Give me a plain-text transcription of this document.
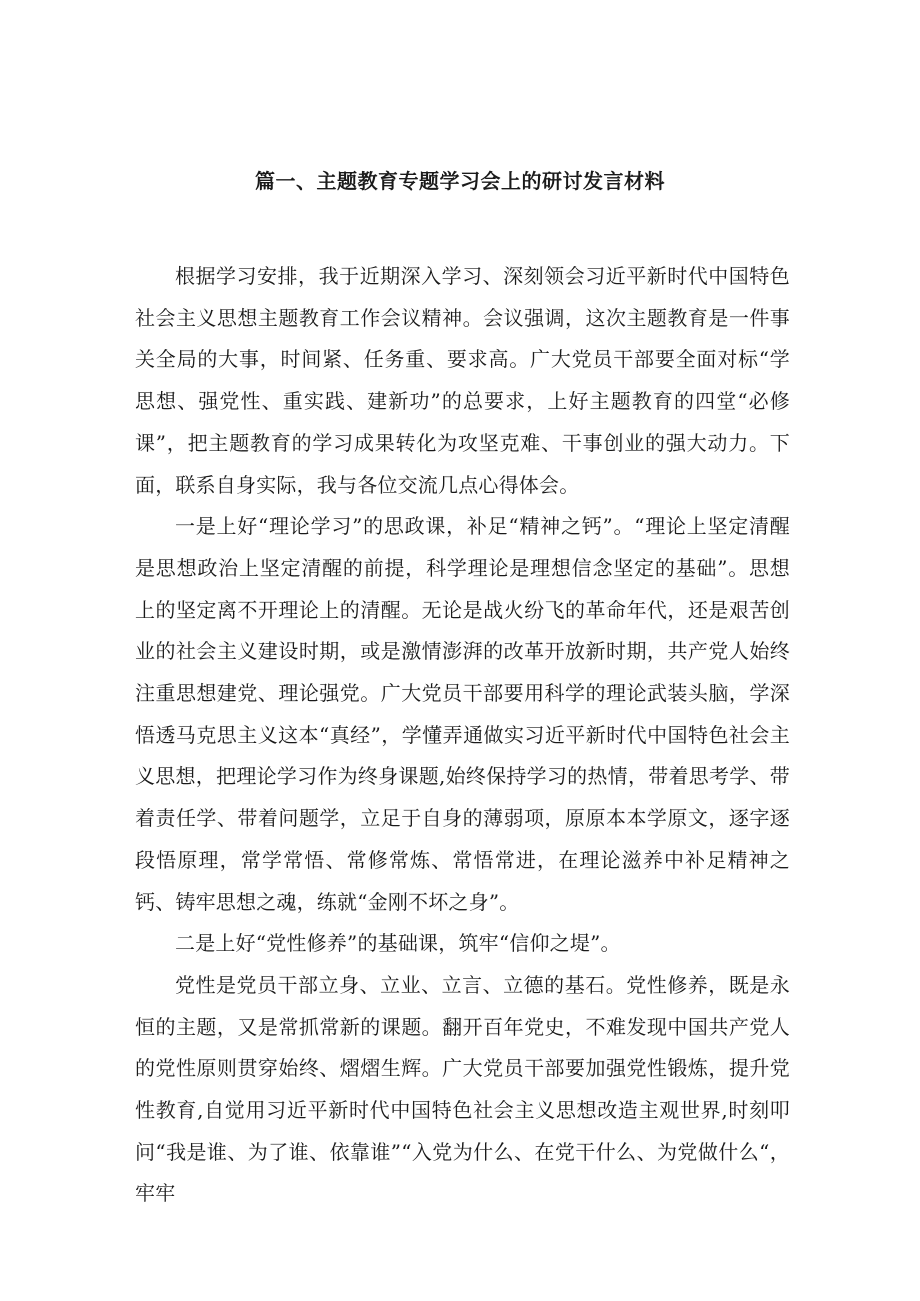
篇一、主题教育专题学习会上的研讨发言材料

根据学习安排，我于近期深入学习、深刻领会习近平新时代中国特色社会主义思想主题教育工作会议精神。会议强调，这次主题教育是一件事关全局的大事，时间紧、任务重、要求高。广大党员干部要全面对标“学思想、强党性、重实践、建新功”的总要求，上好主题教育的四堂“必修课”，把主题教育的学习成果转化为攻坚克难、干事创业的强大动力。下面，联系自身实际，我与各位交流几点心得体会。

一是上好“理论学习”的思政课，补足“精神之钙”。“理论上坚定清醒是思想政治上坚定清醒的前提，科学理论是理想信念坚定的基础”。思想上的坚定离不开理论上的清醒。无论是战火纷飞的革命年代，还是艰苦创业的社会主义建设时期，或是激情澎湃的改革开放新时期，共产党人始终注重思想建党、理论强党。广大党员干部要用科学的理论武装头脑，学深悟透马克思主义这本“真经”，学懂弄通做实习近平新时代中国特色社会主义思想，把理论学习作为终身课题,始终保持学习的热情，带着思考学、带着责任学、带着问题学，立足于自身的薄弱项，原原本本学原文，逐字逐段悟原理，常学常悟、常修常炼、常悟常进，在理论滋养中补足精神之钙、铸牢思想之魂，练就“金刚不坏之身”。

二是上好“党性修养”的基础课，筑牢“信仰之堤”。

党性是党员干部立身、立业、立言、立德的基石。党性修养，既是永恒的主题，又是常抓常新的课题。翻开百年党史，不难发现中国共产党人的党性原则贯穿始终、熠熠生辉。广大党员干部要加强党性锻炼，提升党性教育,自觉用习近平新时代中国特色社会主义思想改造主观世界,时刻叩问“我是谁、为了谁、依靠谁”“入党为什么、在党干什么、为党做什么“，牢牢
